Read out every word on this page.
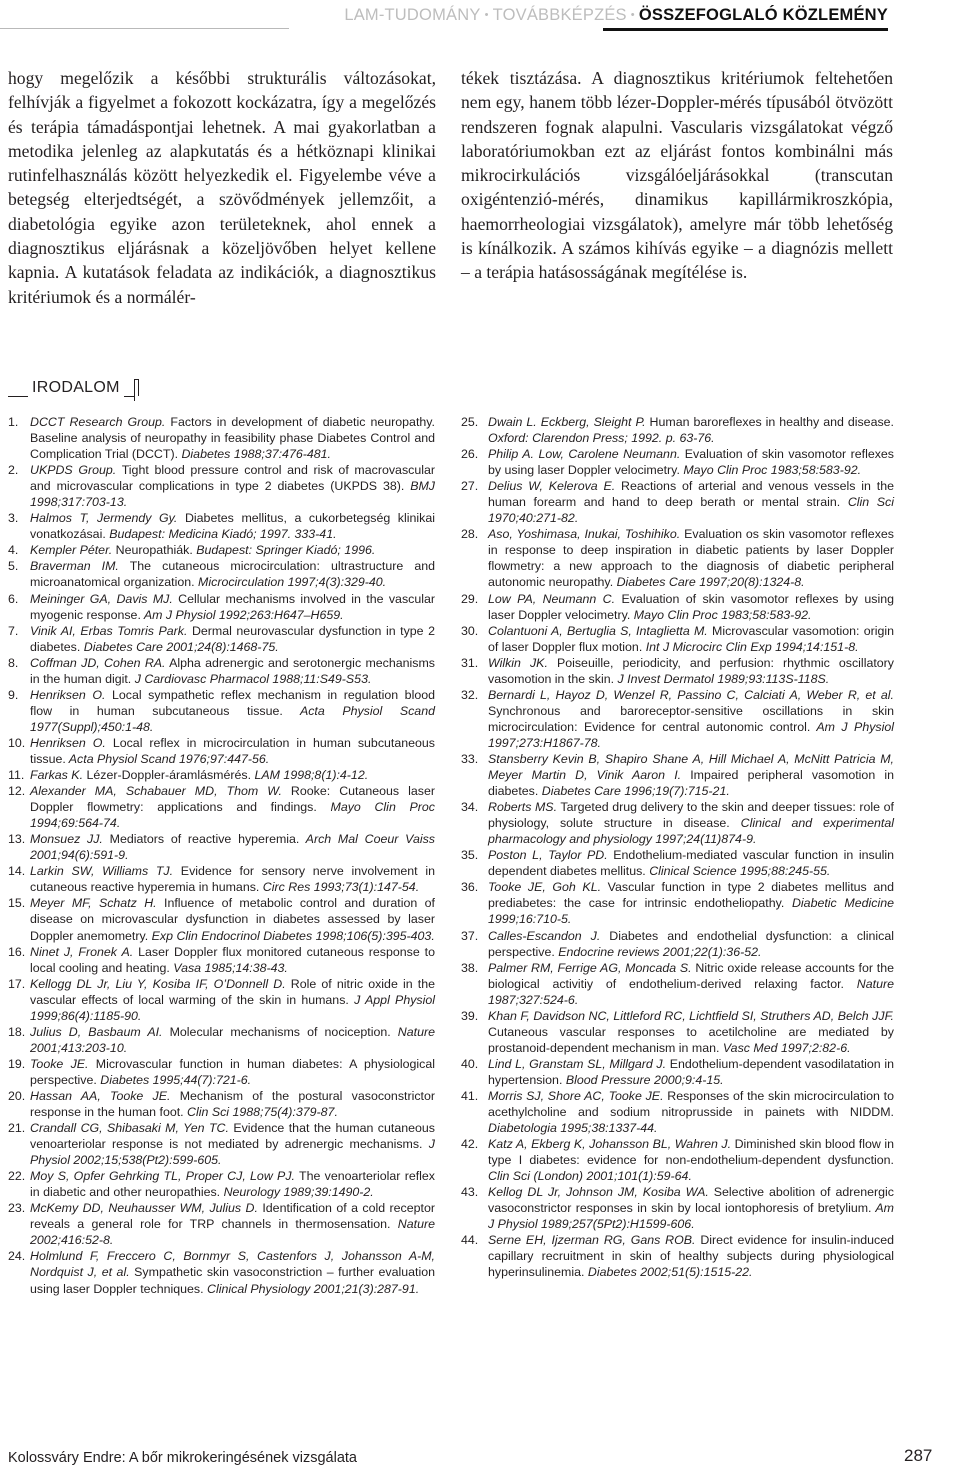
LAM-TUDOMÁNY • TOVÁBBKÉPZÉS • ÖSSZEFOGLALÓ KÖZLEMÉNY

hogy megelőzik a későbbi strukturális változásokat, felhívják a figyelmet a fokozott kockázatra, így a megelőzés és terápia támadáspontjai lehetnek. A mai gyakorlatban a metodika jelenleg az alapkutatás és a hétköznapi klinikai rutinfelhasználás között helyezkedik el. Figyelembe véve a betegség elterjedtségét, a szövődmények jellemzőit, a diabetológia egyike azon területeknek, ahol ennek a diagnosztikus eljárásnak a közeljövőben helyet kellene kapnia. A kutatások feladata az indikációk, a diagnosztikus kritériumok és a normálér-

tékek tisztázása. A diagnosztikus kritériumok feltehetően nem egy, hanem több lézer-Doppler-mérés típusából ötvözött rendszeren fognak alapulni. Vascularis vizsgálatokat végző laboratóriumokban ezt az eljárást fontos kombinálni más mikrocirkulációs vizsgálóeljárásokkal (transcutan oxigéntenzió-mérés, dinamikus kapillármikroszkópia, haemorrheologiai vizsgálatok), amelyre már több lehetőség is kínálkozik. A számos kihívás egyike – a diagnózis mellett – a terápia hatásosságának megítélése is.

IRODALOM
1. DCCT Research Group. Factors in development of diabetic neuropathy. Baseline analysis of neuropathy in feasibility phase Diabetes Control and Complication Trial (DCCT). Diabetes 1988;37:476-481.
2. UKPDS Group. Tight blood pressure control and risk of macrovascular and microvascular complications in type 2 diabetes (UKPDS 38). BMJ 1998;317:703-13.
3. Halmos T, Jermendy Gy. Diabetes mellitus, a cukorbetegség klinikai vonatkozásai. Budapest: Medicina Kiadó; 1997. 333-41.
4. Kempler Péter. Neuropathiák. Budapest: Springer Kiadó; 1996.
5. Braverman IM. The cutaneous microcirculation: ultrastructure and microanatomical organization. Microcirculation 1997;4(3):329-40.
6. Meininger GA, Davis MJ. Cellular mechanisms involved in the vascular myogenic response. Am J Physiol 1992;263:H647–H659.
7. Vinik AI, Erbas Tomris Park. Dermal neurovascular dysfunction in type 2 diabetes. Diabetes Care 2001;24(8):1468-75.
8. Coffman JD, Cohen RA. Alpha adrenergic and serotonergic mechanisms in the human digit. J Cardiovasc Pharmacol 1988;11:S49-S53.
9. Henriksen O. Local sympathetic reflex mechanism in regulation blood flow in human subcutaneous tissue. Acta Physiol Scand 1977(Suppl);450:1-48.
10. Henriksen O. Local reflex in microcirculation in human subcutaneous tissue. Acta Physiol Scand 1976;97:447-56.
11. Farkas K. Lézer-Doppler-áramlásmérés. LAM 1998;8(1):4-12.
12. Alexander MA, Schabauer MD, Thom W. Rooke: Cutaneous laser Doppler flowmetry: applications and findings. Mayo Clin Proc 1994;69:564-74.
13. Monsuez JJ. Mediators of reactive hyperemia. Arch Mal Coeur Vaiss 2001;94(6):591-9.
14. Larkin SW, Williams TJ. Evidence for sensory nerve involvement in cutaneous reactive hyperemia in humans. Circ Res 1993;73(1):147-54.
15. Meyer MF, Schatz H. Influence of metabolic control and duration of disease on microvascular dysfunction in diabetes assessed by laser Doppler anemometry. Exp Clin Endocrinol Diabetes 1998;106(5):395-403.
16. Ninet J, Fronek A. Laser Doppler flux monitored cutaneous response to local cooling and heating. Vasa 1985;14:38-43.
17. Kellogg DL Jr, Liu Y, Kosiba IF, O’Donnell D. Role of nitric oxide in the vascular effects of local warming of the skin in humans. J Appl Physiol 1999;86(4):1185-90.
18. Julius D, Basbaum AI. Molecular mechanisms of nociception. Nature 2001;413:203-10.
19. Tooke JE. Microvascular function in human diabetes: A physiological perspective. Diabetes 1995;44(7):721-6.
20. Hassan AA, Tooke JE. Mechanism of the postural vasoconstrictor response in the human foot. Clin Sci 1988;75(4):379-87.
21. Crandall CG, Shibasaki M, Yen TC. Evidence that the human cutaneous venoarteriolar response is not mediated by adrenergic mechanisms. J Physiol 2002;15;538(Pt2):599-605.
22. Moy S, Opfer Gehrking TL, Proper CJ, Low PJ. The venoarteriolar reflex in diabetic and other neuropathies. Neurology 1989;39:1490-2.
23. McKemy DD, Neuhausser WM, Julius D. Identification of a cold receptor reveals a general role for TRP channels in thermosensation. Nature 2002;416:52-8.
24. Holmlund F, Freccero C, Bornmyr S, Castenfors J, Johansson A-M, Nordquist J, et al. Sympathetic skin vasoconstriction – further evaluation using laser Doppler techniques. Clinical Physiology 2001;21(3):287-91.
25. Dwain L. Eckberg, Sleight P. Human baroreflexes in healthy and disease. Oxford: Clarendon Press; 1992. p. 63-76.
26. Philip A. Low, Carolene Neumann. Evaluation of skin vasomotor reflexes by using laser Doppler velocimetry. Mayo Clin Proc 1983;58:583-92.
27. Delius W, Kelerova E. Reactions of arterial and venous vessels in the human forearm and hand to deep berath or mental strain. Clin Sci 1970;40:271-82.
28. Aso, Yoshimasa, Inukai, Toshihiko. Evaluation os skin vasomotor reflexes in response to deep inspiration in diabetic patients by laser Doppler flowmetry: a new approach to the diagnosis of diabetic peripheral autonomic neuropathy. Diabetes Care 1997;20(8):1324-8.
29. Low PA, Neumann C. Evaluation of skin vasomotor reflexes by using laser Doppler velocimetry. Mayo Clin Proc 1983;58:583-92.
30. Colantuoni A, Bertuglia S, Intaglietta M. Microvascular vasomotion: origin of laser Doppler flux motion. Int J Microcirc Clin Exp 1994;14:151-8.
31. Wilkin JK. Poiseuille, periodicity, and perfusion: rhythmic oscillatory vasomotion in the skin. J Invest Dermatol 1989;93:113S-118S.
32. Bernardi L, Hayoz D, Wenzel R, Passino C, Calciati A, Weber R, et al. Synchronous and baroreceptor-sensitive oscillations in skin microcirculation: Evidence for central autonomic control. Am J Physiol 1997;273:H1867-78.
33. Stansberry Kevin B, Shapiro Shane A, Hill Michael A, McNitt Patricia M, Meyer Martin D, Vinik Aaron I. Impaired peripheral vasomotion in diabetes. Diabetes Care 1996;19(7):715-21.
34. Roberts MS. Targeted drug delivery to the skin and deeper tissues: role of physiology, solute structure in disease. Clinical and experimental pharmacology and physiology 1997;24(11)874-9.
35. Poston L, Taylor PD. Endothelium-mediated vascular function in insulin dependent diabetes mellitus. Clinical Science 1995;88:245-55.
36. Tooke JE, Goh KL. Vascular function in type 2 diabetes mellitus and prediabetes: the case for intrinsic endotheliopathy. Diabetic Medicine 1999;16:710-5.
37. Calles-Escandon J. Diabetes and endothelial dysfunction: a clinical perspective. Endocrine reviews 2001;22(1):36-52.
38. Palmer RM, Ferrige AG, Moncada S. Nitric oxide release accounts for the biological activitiy of endothelium-derived relaxing factor. Nature 1987;327:524-6.
39. Khan F, Davidson NC, Littleford RC, Lichtfield SI, Struthers AD, Belch JJF. Cutaneous vascular responses to acetilcholine are mediated by prostanoid-dependent mechanism in man. Vasc Med 1997;2:82-6.
40. Lind L, Granstam SL, Millgard J. Endothelium-dependent vasodilatation in hypertension. Blood Pressure 2000;9:4-15.
41. Morris SJ, Shore AC, Tooke JE. Responses of the skin microcirculation to acethylcholine and sodium nitroprusside in painets with NIDDM. Diabetologia 1995;38:1337-44.
42. Katz A, Ekberg K, Johansson BL, Wahren J. Diminished skin blood flow in type I diabetes: evidence for non-endothelium-dependent dysfunction. Clin Sci (London) 2001;101(1):59-64.
43. Kellog DL Jr, Johnson JM, Kosiba WA. Selective abolition of adrenergic vasoconstrictor responses in skin by local iontophoresis of bretylium. Am J Physiol 1989;257(5Pt2):H1599-606.
44. Serne EH, Ijzerman RG, Gans ROB. Direct evidence for insulin-induced capillary recruitment in skin of healthy subjects during physiological hyperinsulinemia. Diabetes 2002;51(5):1515-22.
Kolossváry Endre: A bőr mikrokeringésének vizsgálata	287
